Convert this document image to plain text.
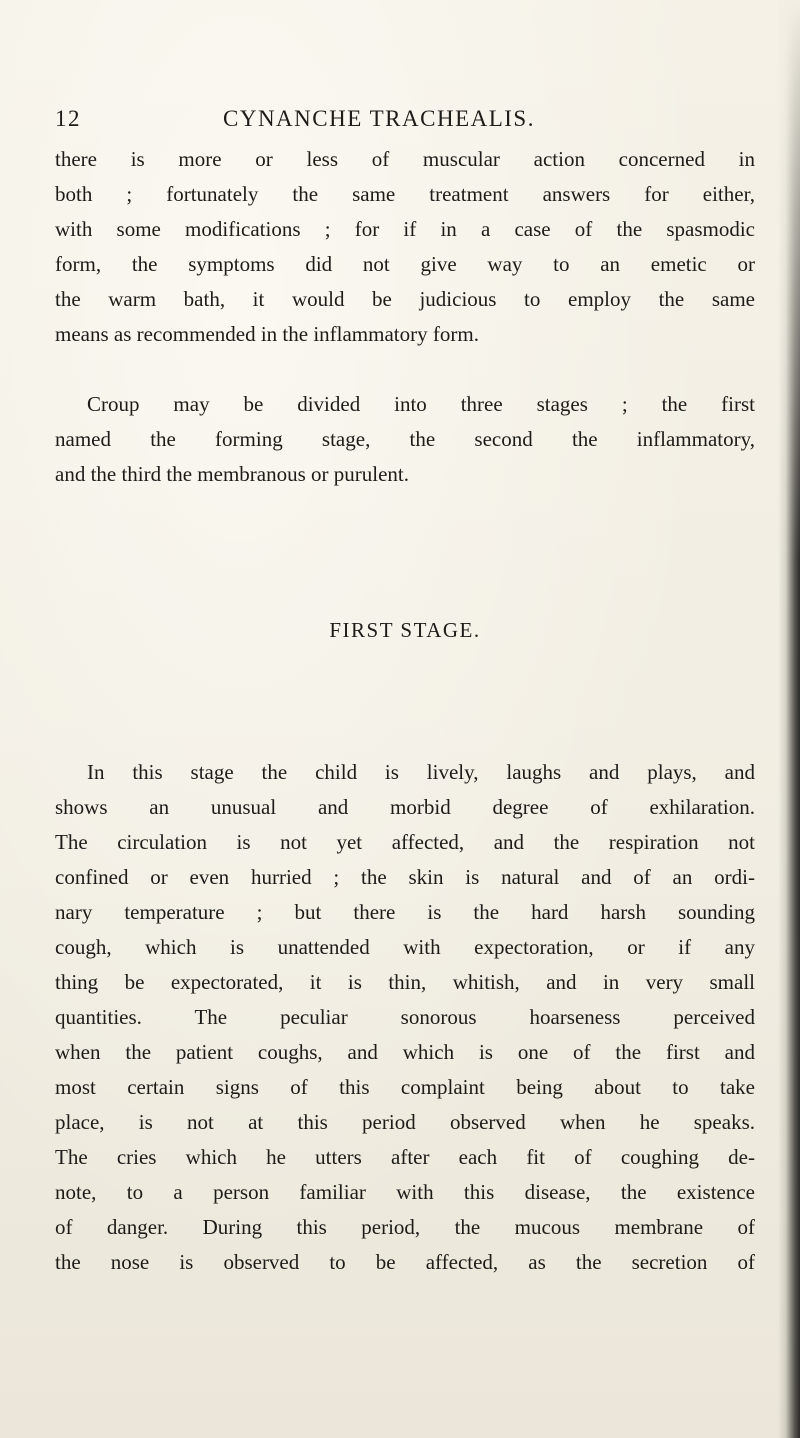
12	CYNANCHE TRACHEALIS.
there is more or less of muscular action concerned in
both ; fortunately the same treatment answers for either,
with some modifications ; for if in a case of the spasmodic
form, the symptoms did not give way to an emetic or
the warm bath, it would be judicious to employ the same
means as recommended in the inflammatory form.
Croup may be divided into three stages ; the first
named the forming stage, the second the inflammatory,
and the third the membranous or purulent.
FIRST STAGE.
In this stage the child is lively, laughs and plays, and
shows an unusual and morbid degree of exhilaration.
The circulation is not yet affected, and the respiration not
confined or even hurried ; the skin is natural and of an ordi-
nary temperature ; but there is the hard harsh sounding
cough, which is unattended with expectoration, or if any
thing be expectorated, it is thin, whitish, and in very small
quantities. The peculiar sonorous hoarseness perceived
when the patient coughs, and which is one of the first and
most certain signs of this complaint being about to take
place, is not at this period observed when he speaks.
The cries which he utters after each fit of coughing de-
note, to a person familiar with this disease, the existence
of danger. During this period, the mucous membrane of
the nose is observed to be affected, as the secretion of
